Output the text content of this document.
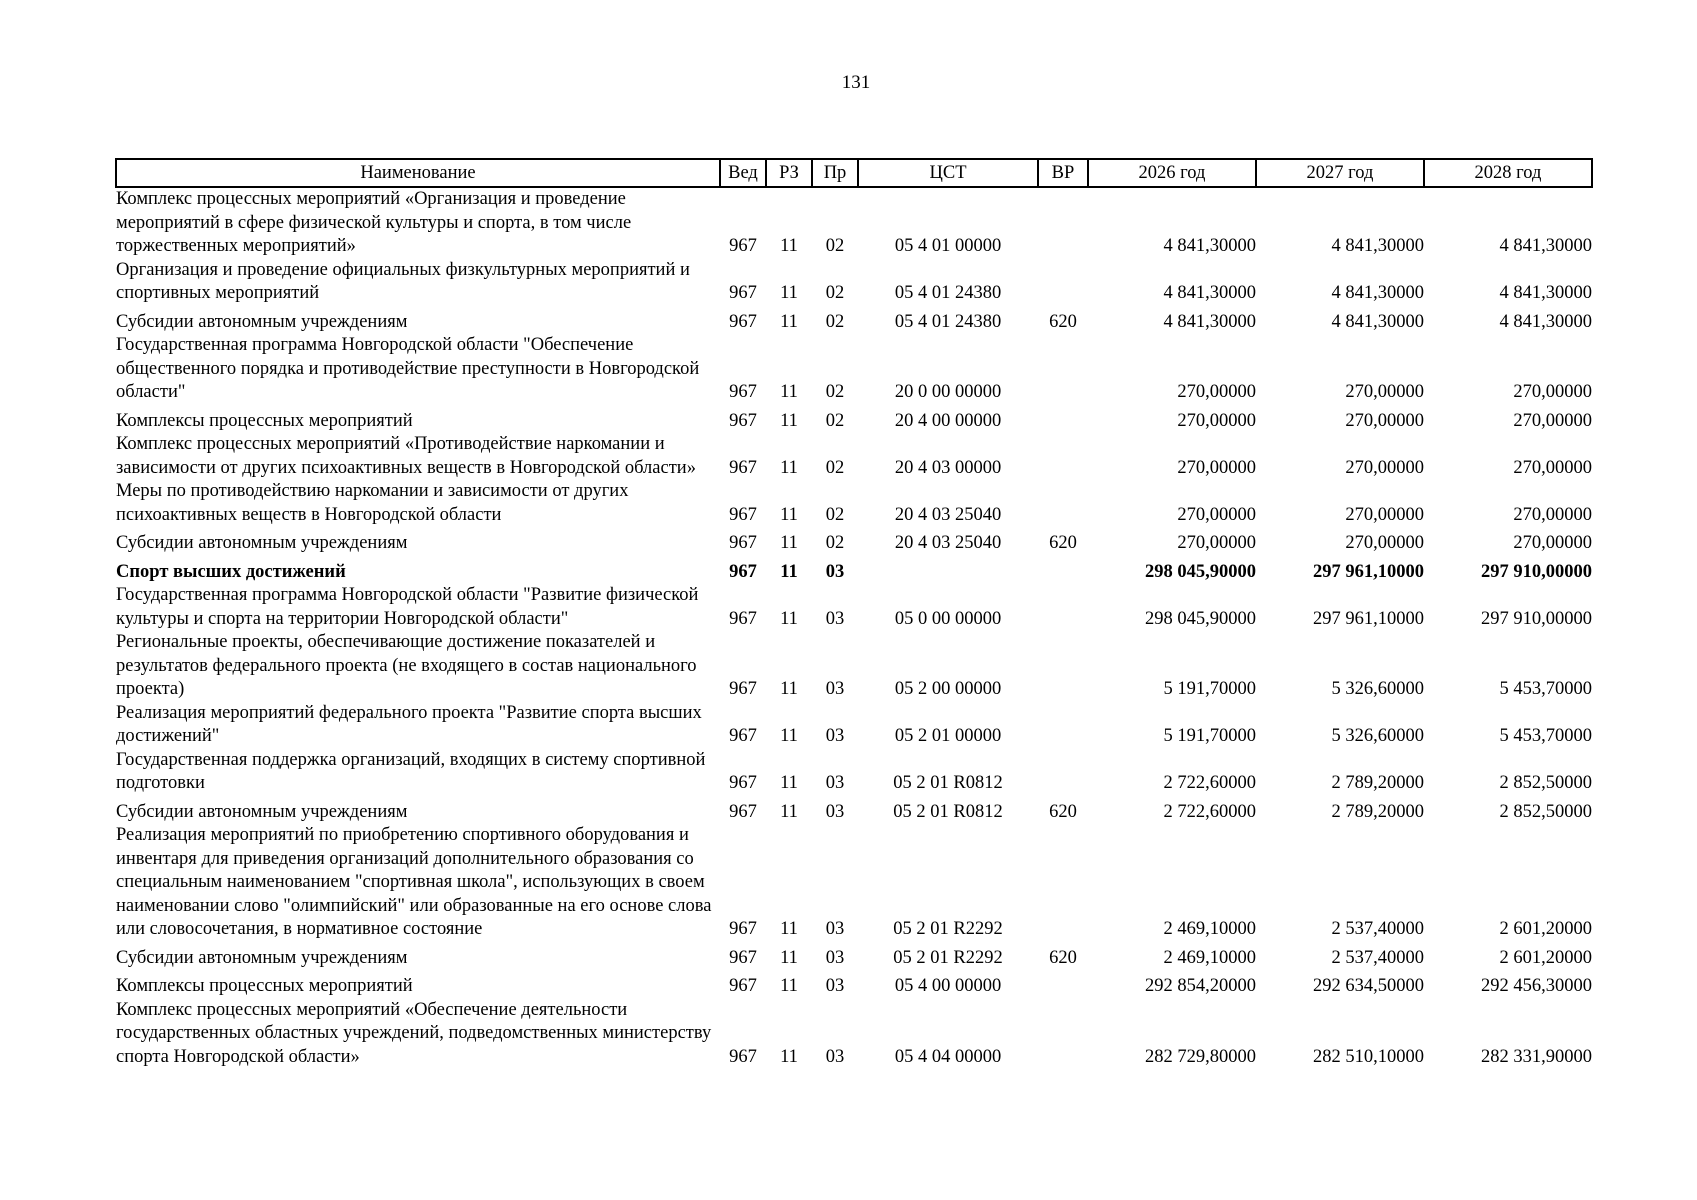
131
Наименование	Вед	РЗ	Пр	ЦСТ	ВР	2026 год	2027 год	2028 год
Комплекс процессных мероприятий «Организация и проведение мероприятий в сфере физической культуры и спорта, в том числе торжественных мероприятий»	967	11	02	05 4 01 00000		4 841,30000	4 841,30000	4 841,30000
Организация и проведение официальных физкультурных мероприятий и спортивных мероприятий	967	11	02	05 4 01 24380		4 841,30000	4 841,30000	4 841,30000
Субсидии автономным учреждениям	967	11	02	05 4 01 24380	620	4 841,30000	4 841,30000	4 841,30000
Государственная программа Новгородской области "Обеспечение общественного порядка и противодействие преступности в Новгородской области"	967	11	02	20 0 00 00000		270,00000	270,00000	270,00000
Комплексы процессных мероприятий	967	11	02	20 4 00 00000		270,00000	270,00000	270,00000
Комплекс процессных мероприятий «Противодействие наркомании и зависимости от других психоактивных веществ в Новгородской области»	967	11	02	20 4 03 00000		270,00000	270,00000	270,00000
Меры по противодействию наркомании и зависимости от других психоактивных веществ в Новгородской области	967	11	02	20 4 03 25040		270,00000	270,00000	270,00000
Субсидии автономным учреждениям	967	11	02	20 4 03 25040	620	270,00000	270,00000	270,00000
Спорт высших достижений	967	11	03			298 045,90000	297 961,10000	297 910,00000
Государственная программа Новгородской области "Развитие физической культуры и спорта на территории Новгородской области"	967	11	03	05 0 00 00000		298 045,90000	297 961,10000	297 910,00000
Региональные проекты, обеспечивающие достижение показателей и результатов федерального проекта (не входящего в состав национального проекта)	967	11	03	05 2 00 00000		5 191,70000	5 326,60000	5 453,70000
Реализация мероприятий федерального проекта "Развитие спорта высших достижений"	967	11	03	05 2 01 00000		5 191,70000	5 326,60000	5 453,70000
Государственная поддержка организаций, входящих в систему спортивной подготовки	967	11	03	05 2 01 R0812		2 722,60000	2 789,20000	2 852,50000
Субсидии автономным учреждениям	967	11	03	05 2 01 R0812	620	2 722,60000	2 789,20000	2 852,50000
Реализация мероприятий по приобретению спортивного оборудования и инвентаря для приведения организаций дополнительного образования со специальным наименованием "спортивная школа", использующих в своем наименовании слово "олимпийский" или образованные на его основе слова или словосочетания, в нормативное состояние	967	11	03	05 2 01 R2292		2 469,10000	2 537,40000	2 601,20000
Субсидии автономным учреждениям	967	11	03	05 2 01 R2292	620	2 469,10000	2 537,40000	2 601,20000
Комплексы процессных мероприятий	967	11	03	05 4 00 00000		292 854,20000	292 634,50000	292 456,30000
Комплекс процессных мероприятий «Обеспечение деятельности государственных областных учреждений, подведомственных министерству спорта Новгородской области»	967	11	03	05 4 04 00000		282 729,80000	282 510,10000	282 331,90000
